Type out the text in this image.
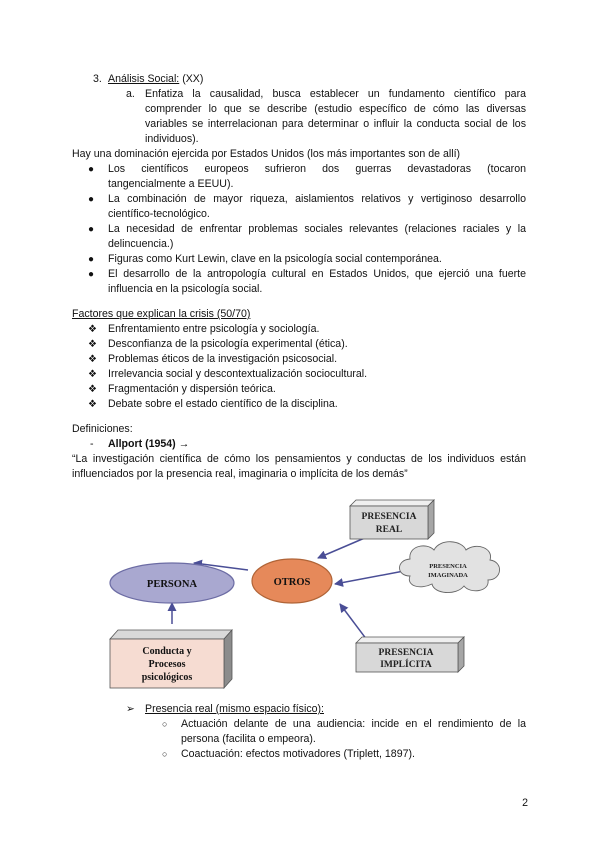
3. Análisis Social: (XX)
a. Enfatiza la causalidad, busca establecer un fundamento científico para
comprender lo que se describe (estudio específico de cómo las diversas
variables se interrelacionan para determinar o influir la conducta social de los
individuos).
Hay una dominación ejercida por Estados Unidos (los más importantes son de allí)
● Los científicos europeos sufrieron dos guerras devastadoras (tocaron
tangencialmente a EEUU).
● La combinación de mayor riqueza, aislamientos relativos y vertiginoso desarrollo
científico-tecnológico.
● La necesidad de enfrentar problemas sociales relevantes (relaciones raciales y la
delincuencia.)
● Figuras como Kurt Lewin, clave en la psicología social contemporánea.
● El desarrollo de la antropología cultural en Estados Unidos, que ejerció una fuerte
influencia en la psicología social.
Factores que explican la crisis (50/70)
❖ Enfrentamiento entre psicología y sociología.
❖ Desconfianza de la psicología experimental (ética).
❖ Problemas éticos de la investigación psicosocial.
❖ Irrelevancia social y descontextualización sociocultural.
❖ Fragmentación y dispersión teórica.
❖ Debate sobre el estado científico de la disciplina.
Definiciones:
- Allport (1954) →
“La investigación científica de cómo los pensamientos y conductas de los individuos están
influenciados por la presencia real, imaginaria o implícita de los demás”
PERSONA	OTROS
PRESENCIA
REAL
PRESENCIA
IMAGINADA
PRESENCIA
IMPLÍCITA
Conducta y
Procesos
psicológicos
➢ Presencia real (mismo espacio físico):
○ Actuación delante de una audiencia: incide en el rendimiento de la
persona (facilita o empeora).
○ Coactuación: efectos motivadores (Triplett, 1897).
2
